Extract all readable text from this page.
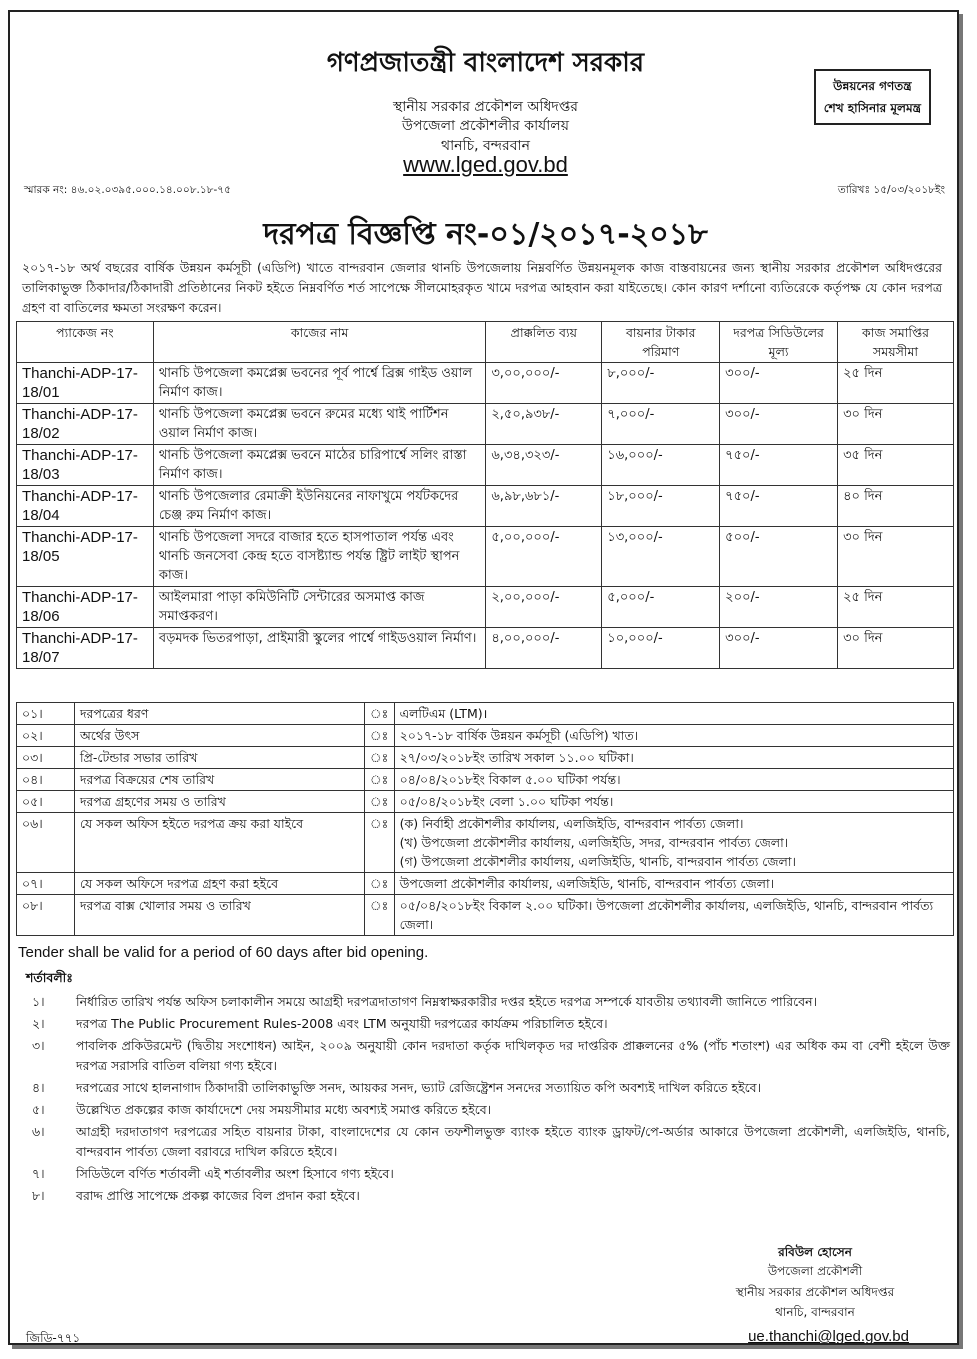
গণপ্রজাতন্ত্রী বাংলাদেশ সরকার
স্থানীয় সরকার প্রকৌশল অধিদপ্তর
উপজেলা প্রকৌশলীর কার্যালয়
থানচি, বন্দরবান
www.lged.gov.bd
উন্নয়নের গণতন্ত্র
শেখ হাসিনার মূলমন্ত্র
স্মারক নং: ৪৬.০২.০৩৯৫.০০০.১৪.০০৮.১৮-৭৫	তারিখঃ ১৫/০৩/২০১৮ইং
দরপত্র বিজ্ঞপ্তি নং-০১/২০১৭-২০১৮
২০১৭-১৮ অর্থ বছরের বার্ষিক উন্নয়ন কর্মসূচী (এডিপি) খাতে বান্দরবান জেলার থানচি উপজেলায় নিম্নবর্ণিত উন্নয়নমূলক কাজ বাস্তবায়নের জন্য স্থানীয় সরকার প্রকৌশল অধিদপ্তরের তালিকাভুক্ত ঠিকাদার/ঠিকাদারী প্রতিষ্ঠানের নিকট হইতে নিম্নবর্ণিত শর্ত সাপেক্ষে সীলমোহরকৃত খামে দরপত্র আহবান করা যাইতেছে। কোন কারণ দর্শানো ব্যতিরেকে কর্তৃপক্ষ যে কোন দরপত্র গ্রহণ বা বাতিলের ক্ষমতা সংরক্ষণ করেন।
প্যাকেজ নং	কাজের নাম	প্রাক্কলিত ব্যয়	বায়নার টাকার পরিমাণ	দরপত্র সিডিউলের মূল্য	কাজ সমাপ্তির সময়সীমা
Thanchi-ADP-17-18/01	থানচি উপজেলা কমপ্লেক্স ভবনের পূর্ব পার্শ্বে ব্রিক্স গাইড ওয়াল নির্মাণ কাজ।	৩,০০,০০০/-	৮,০০০/-	৩০০/-	২৫ দিন
Thanchi-ADP-17-18/02	থানচি উপজেলা কমপ্লেক্স ভবনে রুমের মধ্যে থাই পার্টিশন ওয়াল নির্মাণ কাজ।	২,৫০,৯৩৮/-	৭,০০০/-	৩০০/-	৩০ দিন
Thanchi-ADP-17-18/03	থানচি উপজেলা কমপ্লেক্স ভবনে মাঠের চারিপার্শ্বে সলিং রাস্তা নির্মাণ কাজ।	৬,৩৪,৩২৩/-	১৬,০০০/-	৭৫০/-	৩৫ দিন
Thanchi-ADP-17-18/04	থানচি উপজেলার রেমাক্রী ইউনিয়নের নাফাখুমে পর্যটকদের চেঞ্জ রুম নির্মাণ কাজ।	৬,৯৮,৬৮১/-	১৮,০০০/-	৭৫০/-	৪০ দিন
Thanchi-ADP-17-18/05	থানচি উপজেলা সদরে বাজার হতে হাসপাতাল পর্যন্ত এবং থানচি জনসেবা কেন্দ্র হতে বাসষ্ট্যান্ড পর্যন্ত ষ্ট্রিট লাইট স্থাপন কাজ।	৫,০০,০০০/-	১৩,০০০/-	৫০০/-	৩০ দিন
Thanchi-ADP-17-18/06	আইলমারা পাড়া কমিউনিটি সেন্টারের অসমাপ্ত কাজ সমাপ্তকরণ।	২,০০,০০০/-	৫,০০০/-	২০০/-	২৫ দিন
Thanchi-ADP-17-18/07	বড়মদক ভিতরপাড়া, প্রাইমারী স্কুলের পার্শ্বে গাইডওয়াল নির্মাণ।	৪,০০,০০০/-	১০,০০০/-	৩০০/-	৩০ দিন
০১।	দরপত্রের ধরণ	ঃ	এলটিএম (LTM)।
০২।	অর্থের উৎস	ঃ	২০১৭-১৮ বার্ষিক উন্নয়ন কর্মসূচী (এডিপি) খাত।
০৩।	প্রি-টেন্ডার সভার তারিখ	ঃ	২৭/০৩/২০১৮ইং তারিখ সকাল ১১.০০ ঘটিকা।
০৪।	দরপত্র বিক্রয়ের শেষ তারিখ	ঃ	০৪/০৪/২০১৮ইং বিকাল ৫.০০ ঘটিকা পর্যন্ত।
০৫।	দরপত্র গ্রহণের সময় ও তারিখ	ঃ	০৫/০৪/২০১৮ইং বেলা ১.০০ ঘটিকা পর্যন্ত।
০৬।	যে সকল অফিস হইতে দরপত্র ক্রয় করা যাইবে	ঃ	(ক) নির্বাহী প্রকৌশলীর কার্যালয়, এলজিইডি, বান্দরবান পার্বত্য জেলা।
(খ) উপজেলা প্রকৌশলীর কার্যালয়, এলজিইডি, সদর, বান্দরবান পার্বত্য জেলা।
(গ) উপজেলা প্রকৌশলীর কার্যালয়, এলজিইডি, থানচি, বান্দরবান পার্বত্য জেলা।

০৭।	যে সকল অফিসে দরপত্র গ্রহণ করা হইবে	ঃ	উপজেলা প্রকৌশলীর কার্যালয়, এলজিইডি, থানচি, বান্দরবান পার্বত্য জেলা।
০৮।	দরপত্র বাক্স খোলার সময় ও তারিখ	ঃ	০৫/০৪/২০১৮ইং বিকাল ২.০০ ঘটিকা। উপজেলা প্রকৌশলীর কার্যালয়, এলজিইডি, থানচি, বান্দরবান পার্বত্য জেলা।
Tender shall be valid for a period of 60 days after bid opening.
শর্তাবলীঃ
১।	নির্ধারিত তারিখ পর্যন্ত অফিস চলাকালীন সময়ে আগ্রহী দরপত্রদাতাগণ নিম্নস্বাক্ষরকারীর দপ্তর হইতে দরপত্র সম্পর্কে যাবতীয় তথ্যাবলী জানিতে পারিবেন।
২।	দরপত্র The Public Procurement Rules-2008 এবং LTM অনুযায়ী দরপত্রের কার্যক্রম পরিচালিত হইবে।
৩।	পাবলিক প্রকিউরমেন্ট (দ্বিতীয় সংশোধন) আইন, ২০০৯ অনুযায়ী কোন দরদাতা কর্তৃক দাখিলকৃত দর দাপ্তরিক প্রাক্কলনের ৫% (পাঁচ শতাংশ) এর অধিক কম বা বেশী হইলে উক্ত দরপত্র সরাসরি বাতিল বলিয়া গণ্য হইবে।
৪।	দরপত্রের সাথে হালনাগাদ ঠিকাদারী তালিকাভুক্তি সনদ, আয়কর সনদ, ভ্যাট রেজিষ্ট্রেশন সনদের সত্যায়িত কপি অবশ্যই দাখিল করিতে হইবে।
৫।	উল্লেখিত প্রকল্পের কাজ কার্যাদেশে দেয় সময়সীমার মধ্যে অবশ্যই সমাপ্ত করিতে হইবে।
৬।	আগ্রহী দরদাতাগণ দরপত্রের সহিত বায়নার টাকা, বাংলাদেশের যে কোন তফশীলভুক্ত ব্যাংক হইতে ব্যাংক ড্রাফট/পে-অর্ডার আকারে উপজেলা প্রকৌশলী, এলজিইডি, থানচি, বান্দরবান পার্বত্য জেলা বরাবরে দাখিল করিতে হইবে।
৭।	সিডিউলে বর্ণিত শর্তাবলী এই শর্তাবলীর অংশ হিসাবে গণ্য হইবে।
৮।	বরাদ্দ প্রাপ্তি সাপেক্ষে প্রকল্প কাজের বিল প্রদান করা হইবে।
রবিউল হোসেন
উপজেলা প্রকৌশলী
স্থানীয় সরকার প্রকৌশল অধিদপ্তর
থানচি, বান্দরবান
জিডি-৭৭১	ue.thanchi@lged.gov.bd
